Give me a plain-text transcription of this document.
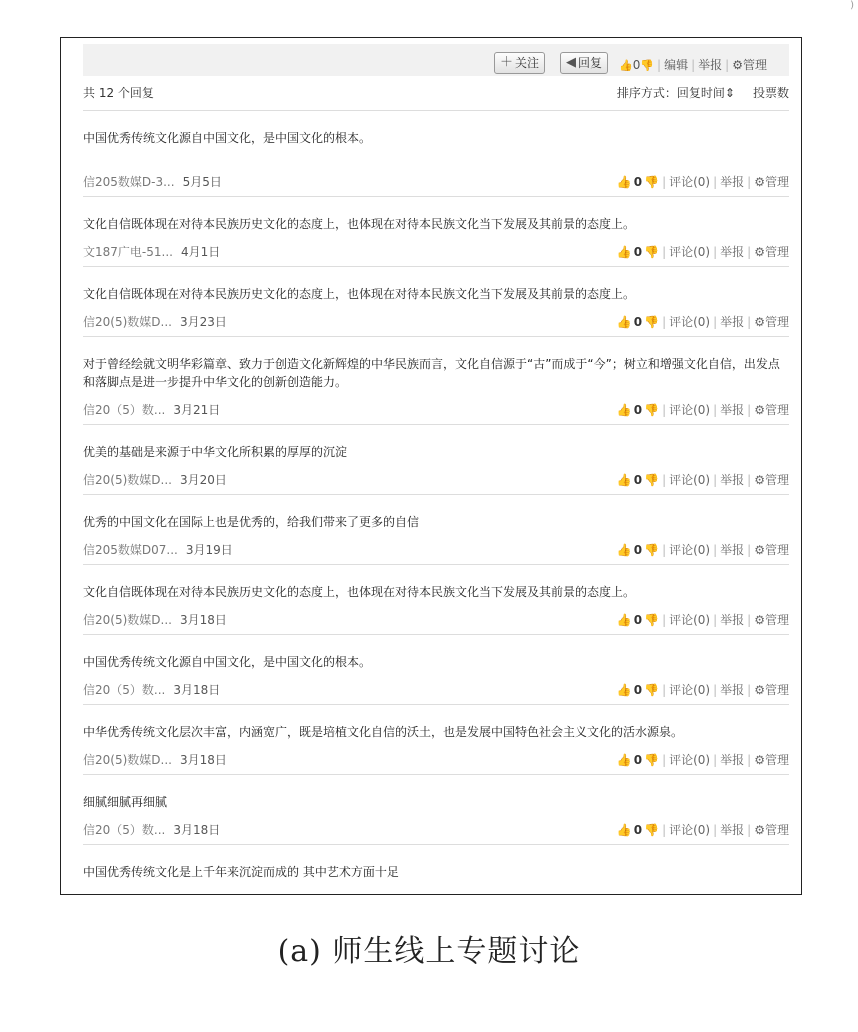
)
＋ 关注 ◀ 回复 👍0👎 | 编辑 | 举报 | ⚙管理
共 12 个回复	排序方式：回复时间⇕ 投票数
中国优秀传统文化源自中国文化，是中国文化的根本。
信205数媒D-3... 5月5日	👍 0 👎 | 评论(0) | 举报 | ⚙管理
文化自信既体现在对待本民族历史文化的态度上，也体现在对待本民族文化当下发展及其前景的态度上。
文187广电-51... 4月1日	👍 0 👎 | 评论(0) | 举报 | ⚙管理
文化自信既体现在对待本民族历史文化的态度上，也体现在对待本民族文化当下发展及其前景的态度上。
信20(5)数媒D... 3月23日	👍 0 👎 | 评论(0) | 举报 | ⚙管理
对于曾经绘就文明华彩篇章、致力于创造文化新辉煌的中华民族而言，文化自信源于“古”而成于“今”；树立和增强文化自信，出发点和落脚点是进一步提升中华文化的创新创造能力。
信20（5）数... 3月21日	👍 0 👎 | 评论(0) | 举报 | ⚙管理
优美的基础是来源于中华文化所积累的厚厚的沉淀
信20(5)数媒D... 3月20日	👍 0 👎 | 评论(0) | 举报 | ⚙管理
优秀的中国文化在国际上也是优秀的，给我们带来了更多的自信
信205数媒D07... 3月19日	👍 0 👎 | 评论(0) | 举报 | ⚙管理
文化自信既体现在对待本民族历史文化的态度上，也体现在对待本民族文化当下发展及其前景的态度上。
信20(5)数媒D... 3月18日	👍 0 👎 | 评论(0) | 举报 | ⚙管理
中国优秀传统文化源自中国文化，是中国文化的根本。
信20（5）数... 3月18日	👍 0 👎 | 评论(0) | 举报 | ⚙管理
中华优秀传统文化层次丰富，内涵宽广，既是培植文化自信的沃土，也是发展中国特色社会主义文化的活水源泉。
信20(5)数媒D... 3月18日	👍 0 👎 | 评论(0) | 举报 | ⚙管理
细腻细腻再细腻
信20（5）数... 3月18日	👍 0 👎 | 评论(0) | 举报 | ⚙管理
中国优秀传统文化是上千年来沉淀而成的 其中艺术方面十足
(a) 师生线上专题讨论
